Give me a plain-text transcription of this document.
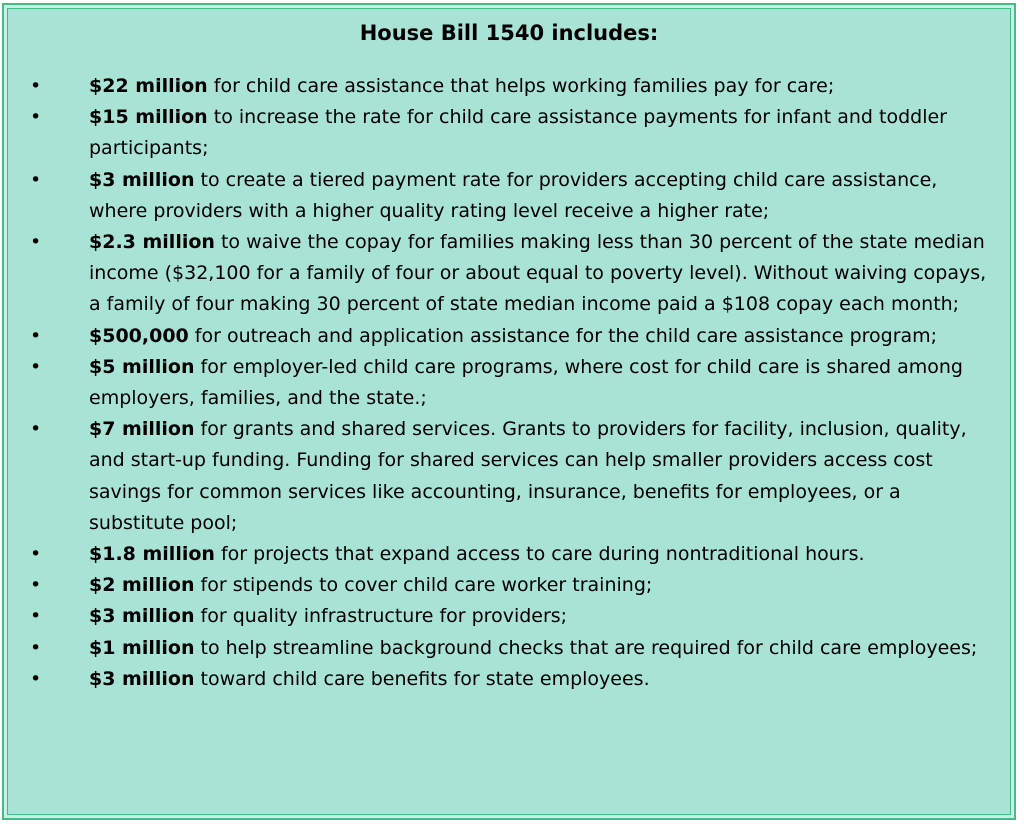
House Bill 1540 includes:
•	$22 million for child care assistance that helps working families pay for care;
•	$15 million to increase the rate for child care assistance payments for infant and toddler participants;
•	$3 million to create a tiered payment rate for providers accepting child care assistance, where providers with a higher quality rating level receive a higher rate;
•	$2.3 million to waive the copay for families making less than 30 percent of the state median income ($32,100 for a family of four or about equal to poverty level). Without waiving copays, a family of four making 30 percent of state median income paid a $108 copay each month;
•	$500,000 for outreach and application assistance for the child care assistance program;
•	$5 million for employer-led child care programs, where cost for child care is shared among employers, families, and the state.;
•	$7 million for grants and shared services. Grants to providers for facility, inclusion, quality, and start-up funding. Funding for shared services can help smaller providers access cost savings for common services like accounting, insurance, benefits for employees, or a substitute pool;
•	$1.8 million for projects that expand access to care during nontraditional hours.
•	$2 million for stipends to cover child care worker training;
•	$3 million for quality infrastructure for providers;
•	$1 million to help streamline background checks that are required for child care employees;
•	$3 million toward child care benefits for state employees.
